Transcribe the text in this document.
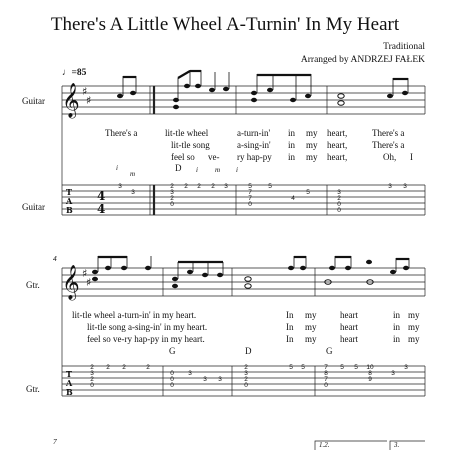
There's A Little Wheel A-Turnin' In My Heart
Traditional
Arranged by ANDRZEJ FAŁEK
♩=85
Guitar
Guitar
There's a	lit-tle wheel	a-turn-in' in my heart,	There's a
lit-tle song	a-sing-in' in my heart,	There's a
feel so ve- ry hap-py in my heart,	Oh, I
D
i
m	i m i
4
Gtr.
Gtr.
lit-tle wheel a-turn-in' in my heart.	In my	heart	in my
lit-tle song a-sing-in' in my heart.	In my	heart	in my
feel so ve-ry hap-py in my heart.	In my	heart	in my
G	D	G
7	1.2.	3.
𝄞 ♯
♯
𝄞 ♯
♯
4
4
T
A
B
T
A
B
3
3
2
3
2
0
2 2 2 3	5
7
7
0
5
4
5	3
2
0
0
3 3
2
3
2
0
2 2	2
0
0
0
3
3 3
2
3
2
0
5 5	7
8
7
0
5 5 10
8
9
3
3
